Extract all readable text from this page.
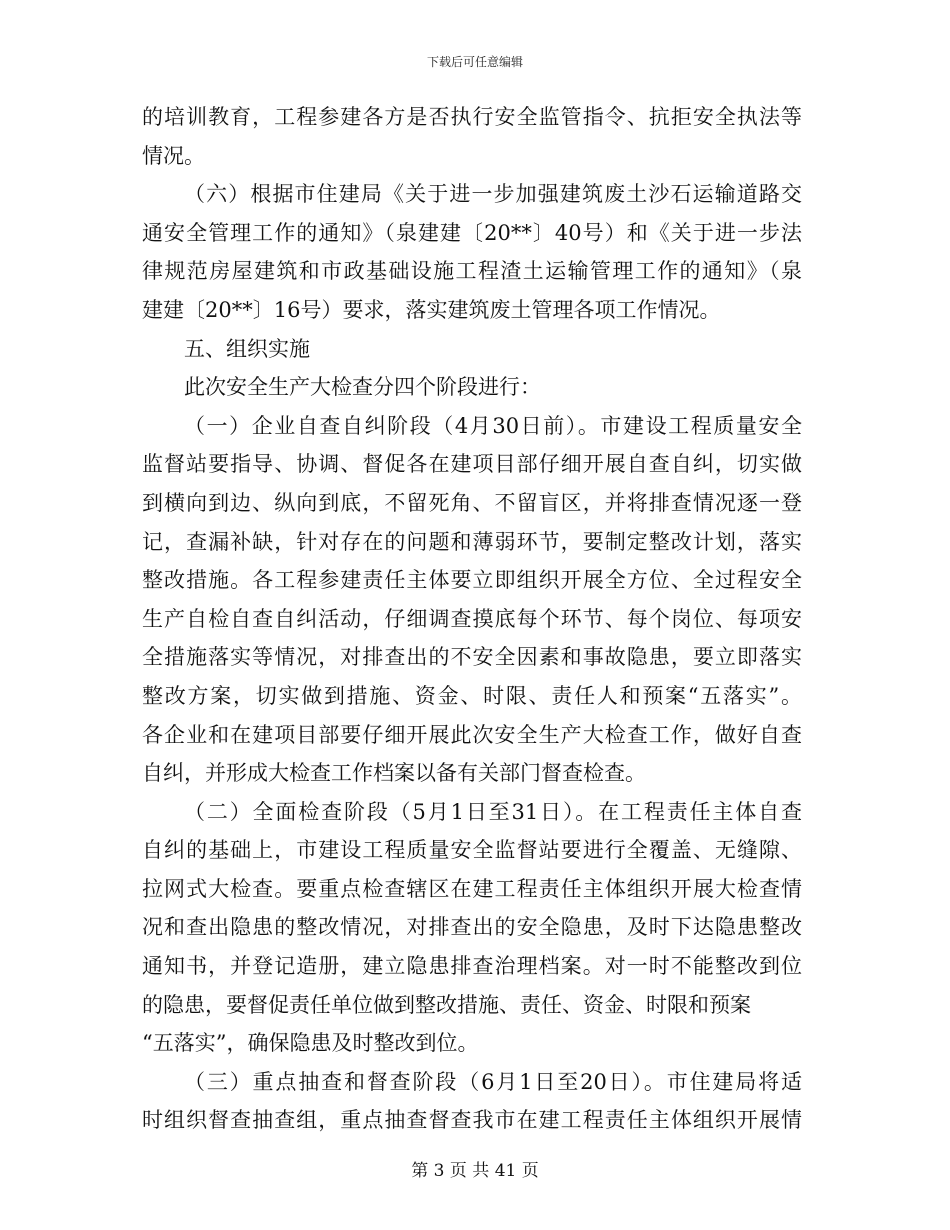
下载后可任意编辑
的培训教育，工程参建各方是否执行安全监管指令、抗拒安全执法等
情况。
（六）根据市住建局《关于进一步加强建筑废土沙石运输道路交
通安全管理工作的通知》（泉建建〔20**〕40号）和《关于进一步法
律规范房屋建筑和市政基础设施工程渣土运输管理工作的通知》（泉
建建〔20**〕16号）要求，落实建筑废土管理各项工作情况。
五、组织实施
此次安全生产大检查分四个阶段进行：
（一）企业自查自纠阶段（4月30日前）。市建设工程质量安全
监督站要指导、协调、督促各在建项目部仔细开展自查自纠，切实做
到横向到边、纵向到底，不留死角、不留盲区，并将排查情况逐一登
记，查漏补缺，针对存在的问题和薄弱环节，要制定整改计划，落实
整改措施。各工程参建责任主体要立即组织开展全方位、全过程安全
生产自检自查自纠活动，仔细调查摸底每个环节、每个岗位、每项安
全措施落实等情况，对排查出的不安全因素和事故隐患，要立即落实
整改方案，切实做到措施、资金、时限、责任人和预案“五落实”。
各企业和在建项目部要仔细开展此次安全生产大检查工作，做好自查
自纠，并形成大检查工作档案以备有关部门督查检查。
（二）全面检查阶段（5月1日至31日）。在工程责任主体自查
自纠的基础上，市建设工程质量安全监督站要进行全覆盖、无缝隙、
拉网式大检查。要重点检查辖区在建工程责任主体组织开展大检查情
况和查出隐患的整改情况，对排查出的安全隐患，及时下达隐患整改
通知书，并登记造册，建立隐患排查治理档案。对一时不能整改到位
的隐患，要督促责任单位做到整改措施、责任、资金、时限和预案
“五落实”，确保隐患及时整改到位。
（三）重点抽查和督查阶段（6月1日至20日）。市住建局将适
时组织督查抽查组，重点抽查督查我市在建工程责任主体组织开展情
第 3 页 共 41 页
